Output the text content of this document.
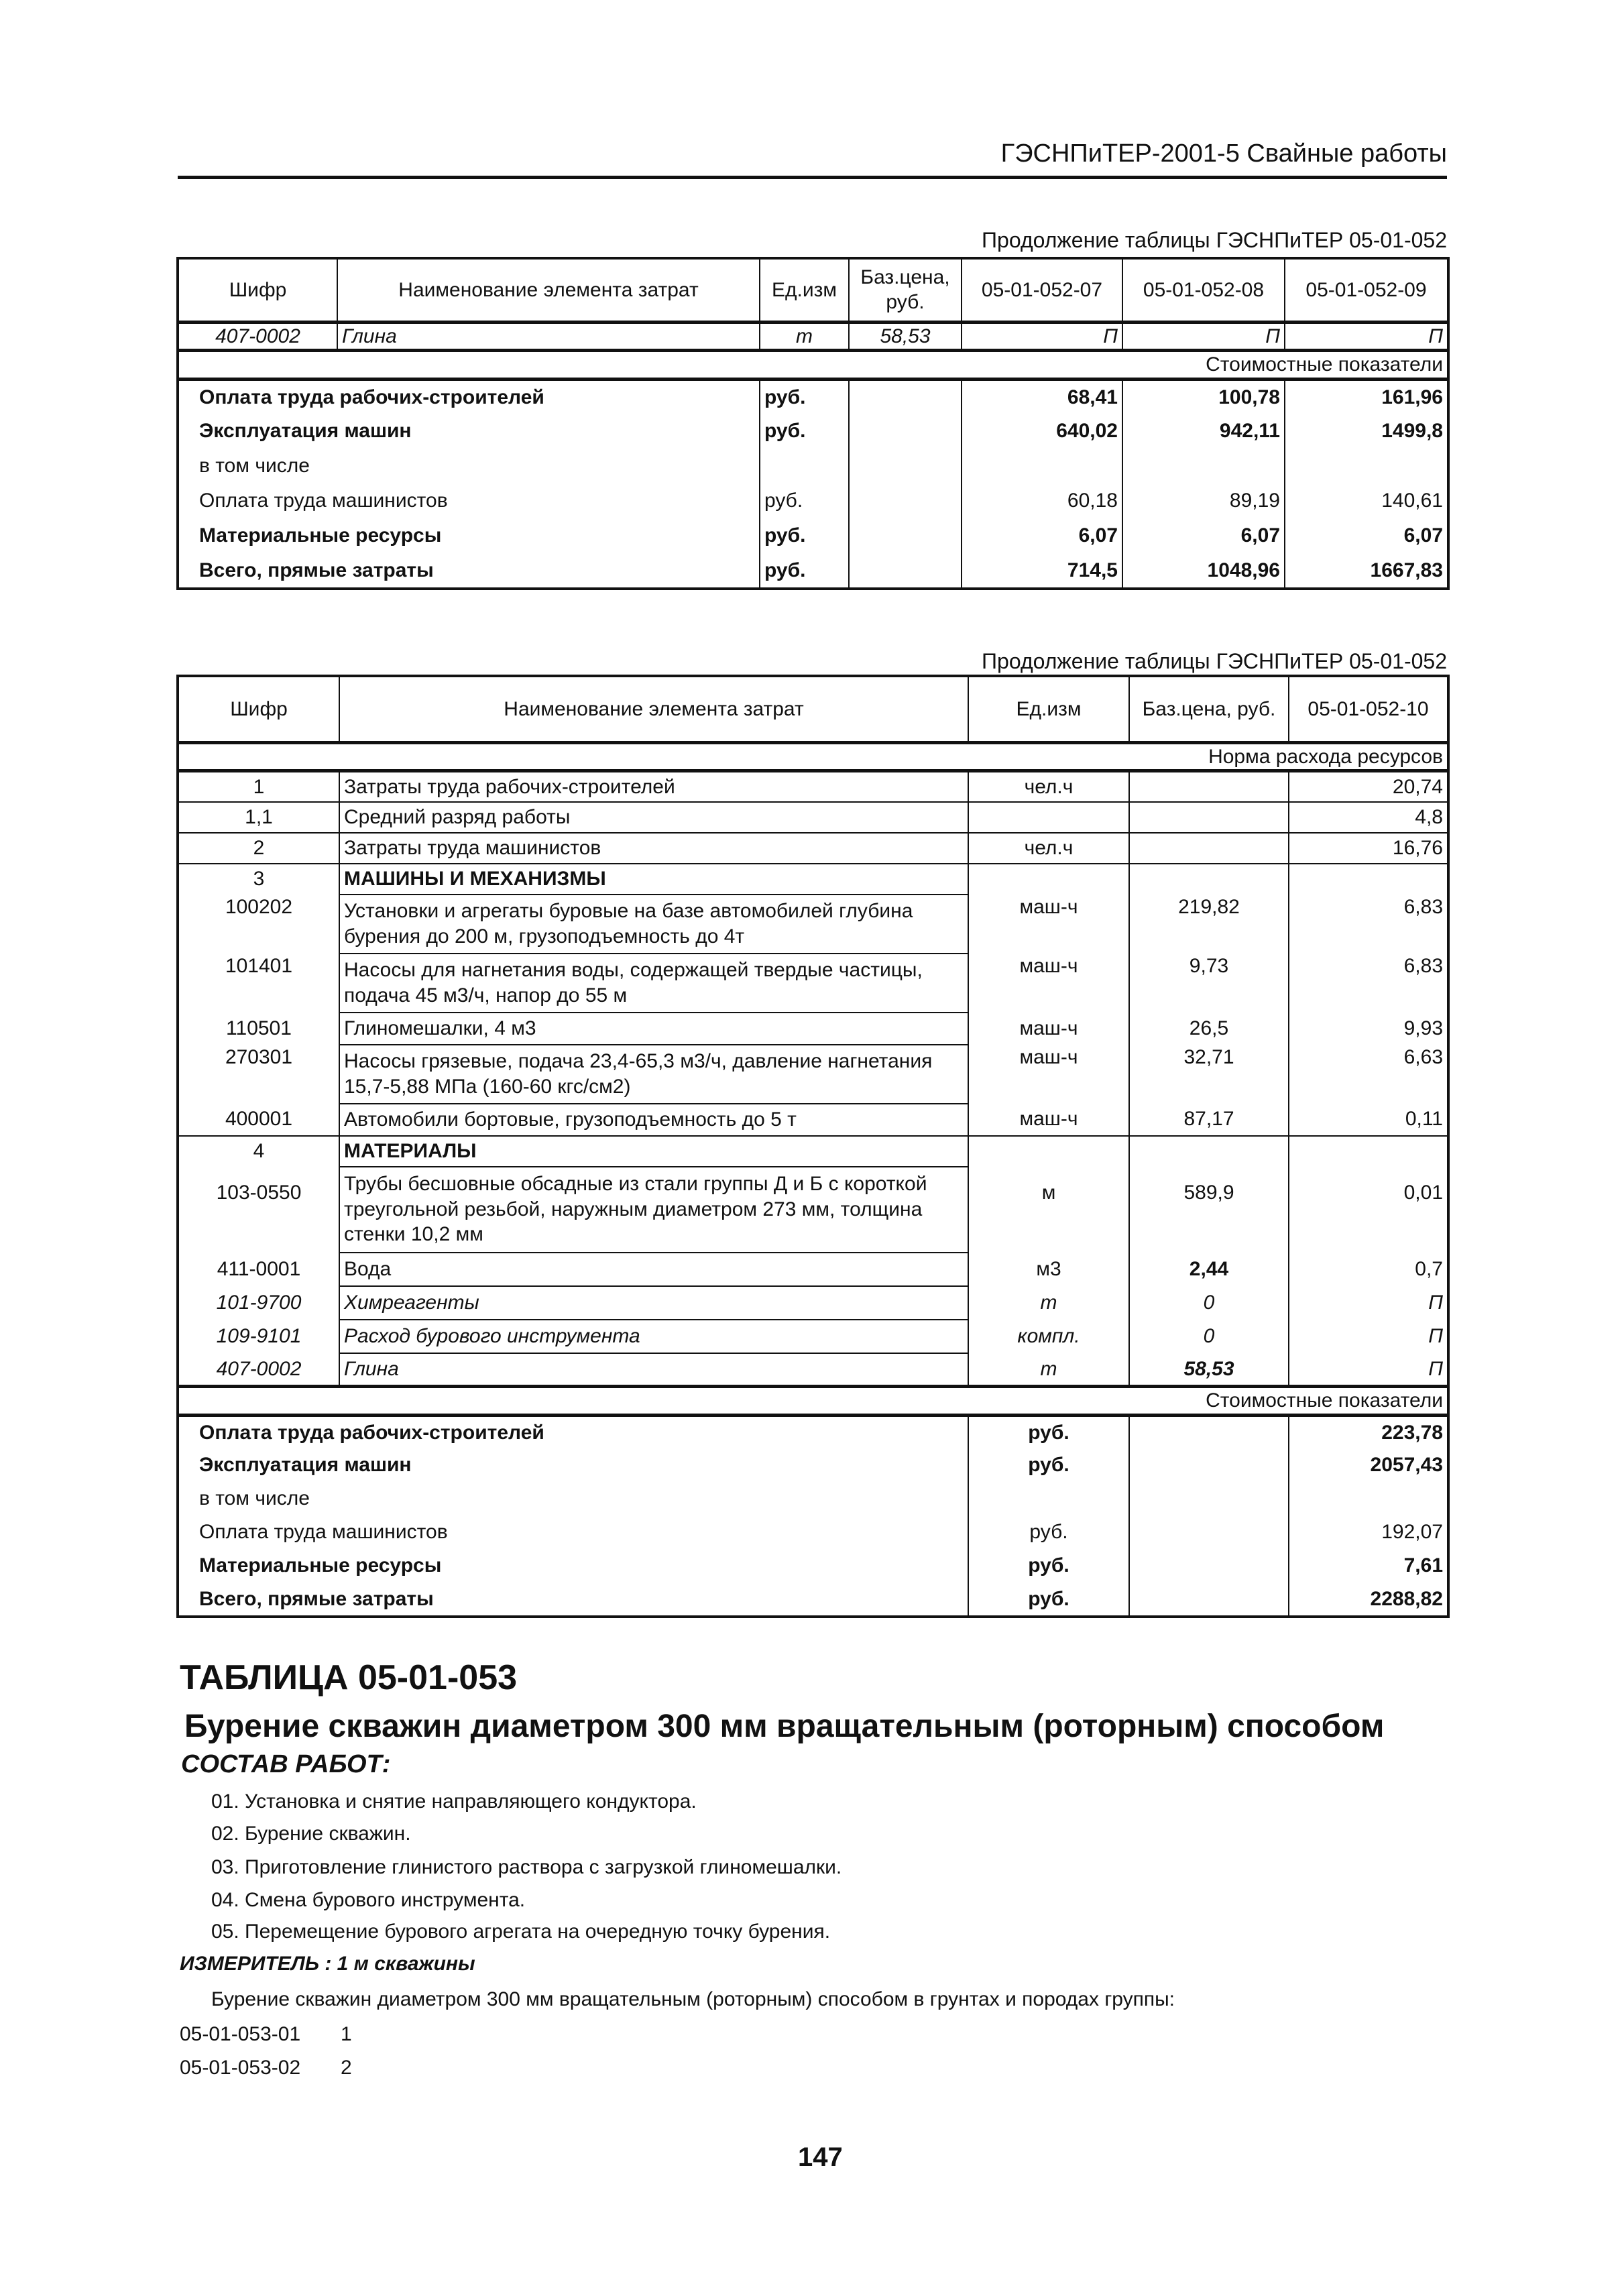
ГЭСНПиТЕР-2001-5 Свайные работы
Продолжение таблицы ГЭСНПиТЕР 05-01-052
Шифр	Наименование элемента затрат	Ед.изм	Баз.цена, руб.	05-01-052-07	05-01-052-08	05-01-052-09
407-0002	Глина	т	58,53	П	П	П
Стоимостные показатели						
Оплата труда рабочих-строителей		руб.		68,41	100,78	161,96
Эксплуатация машин		руб.		640,02	942,11	1499,8
в том числе						
Оплата труда машинистов		руб.		60,18	89,19	140,61
Материальные ресурсы		руб.		6,07	6,07	6,07
Всего, прямые затраты		руб.		714,5	1048,96	1667,83
Продолжение таблицы ГЭСНПиТЕР 05-01-052
Шифр	Наименование элемента затрат	Ед.изм	Баз.цена, руб.	05-01-052-10
Норма расхода ресурсов				
1	Затраты труда рабочих-строителей	чел.ч		20,74
1,1	Средний разряд работы			4,8
2	Затраты труда машинистов	чел.ч		16,76
3	МАШИНЫ И МЕХАНИЗМЫ			
100202	Установки и агрегаты буровые на базе автомобилей глубина бурения до 200 м, грузоподъемность до 4т	маш-ч	219,82	6,83
101401	Насосы для нагнетания воды, содержащей твердые частицы, подача 45 м3/ч, напор до 55 м	маш-ч	9,73	6,83
110501	Глиномешалки, 4 м3	маш-ч	26,5	9,93
270301	Насосы грязевые, подача 23,4-65,3 м3/ч, давление нагнетания 15,7-5,88 МПа (160-60 кгс/см2)	маш-ч	32,71	6,63
400001	Автомобили бортовые, грузоподъемность до 5 т	маш-ч	87,17	0,11
4	МАТЕРИАЛЫ			
103-0550	Трубы бесшовные обсадные из стали группы Д и Б с короткой треугольной резьбой, наружным диаметром 273 мм, толщина стенки 10,2 мм	м	589,9	0,01
411-0001	Вода	м3	2,44	0,7
101-9700	Химреагенты	т	0	П
109-9101	Расход бурового инструмента	компл.	0	П
407-0002	Глина	т	58,53	П
Стоимостные показатели				
Оплата труда рабочих-строителей		руб.		223,78
Эксплуатация машин		руб.		2057,43
в том числе				
Оплата труда машинистов		руб.		192,07
Материальные ресурсы		руб.		7,61
Всего, прямые затраты		руб.		2288,82
ТАБЛИЦА 05-01-053
Бурение скважин диаметром 300 мм вращательным (роторным) способом
СОСТАВ РАБОТ:
01. Установка и снятие направляющего кондуктора.
02. Бурение скважин.
03. Приготовление глинистого раствора с загрузкой глиномешалки.
04. Смена бурового инструмента.
05. Перемещение бурового агрегата на очередную точку бурения.
ИЗМЕРИТЕЛЬ : 1 м скважины
Бурение скважин диаметром 300 мм вращательным (роторным) способом в грунтах и породах группы:
05-01-053-01 1
05-01-053-02 2
147
